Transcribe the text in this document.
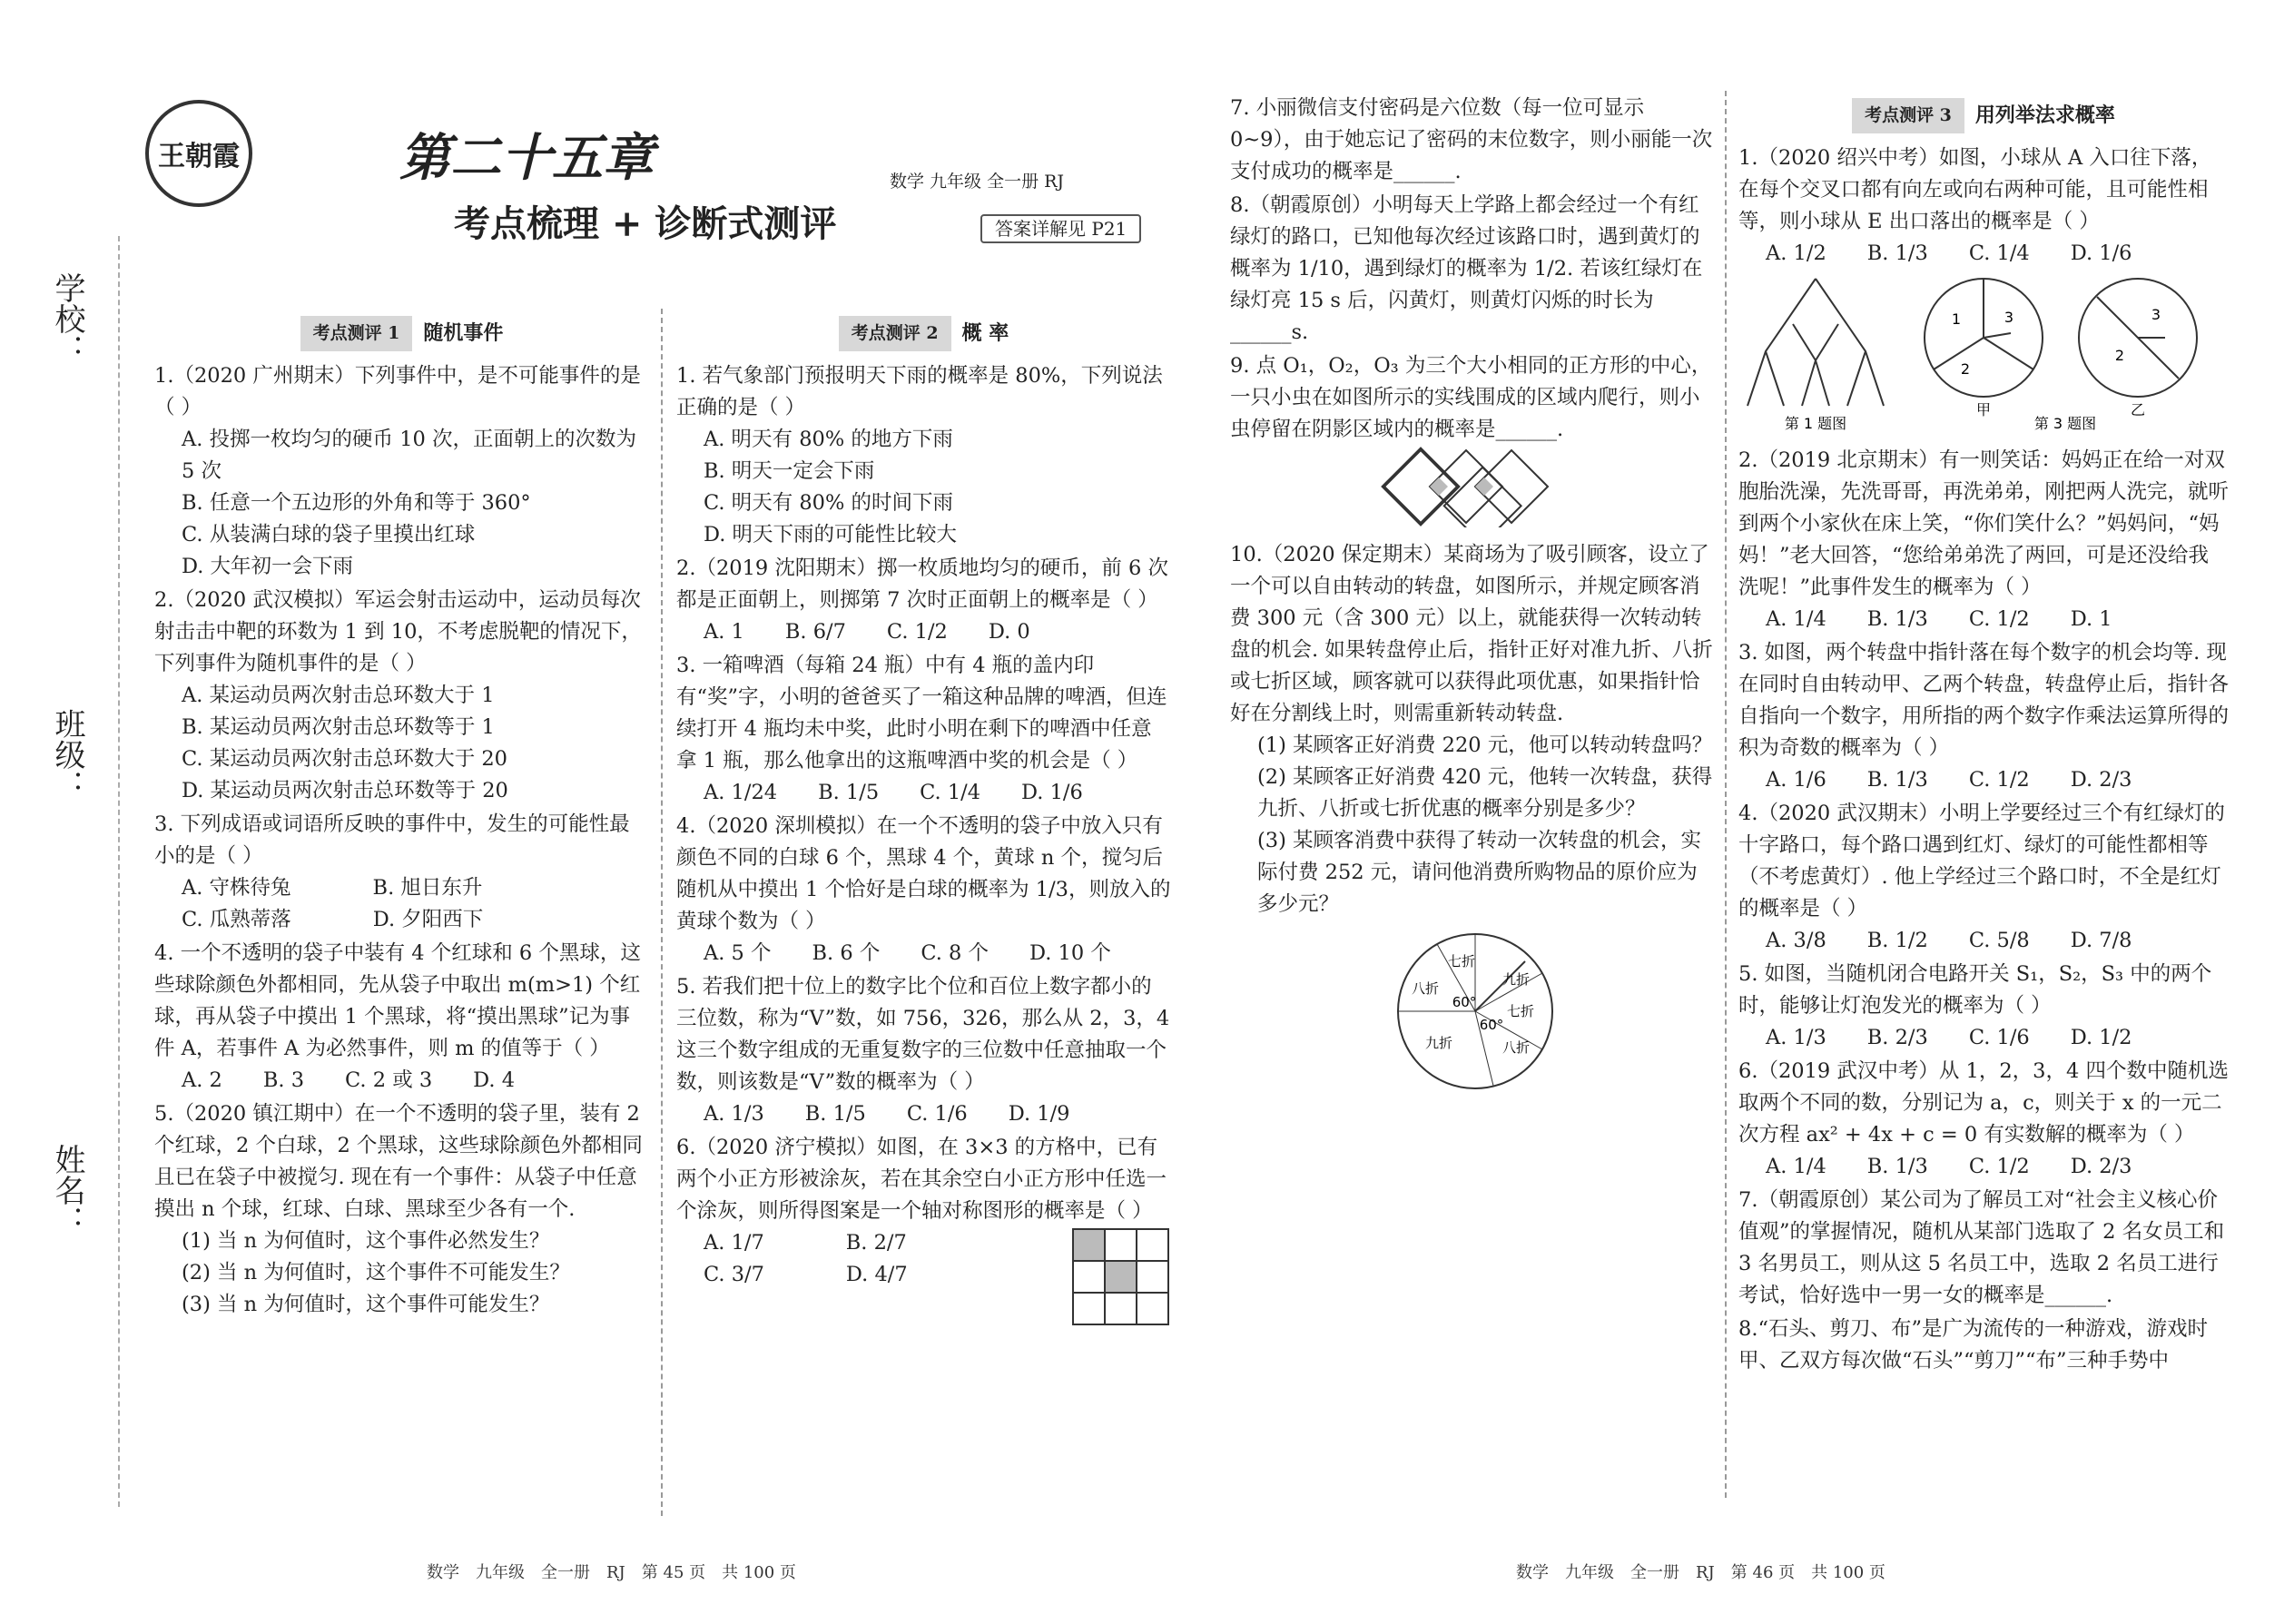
学校：
班级：
姓名：
王朝霞	第二十五章
考点梳理 + 诊断式测评
数学 九年级 全一册 RJ
答案详解见 P21
考点测评 1	随机事件
1.（2020 广州期末）下列事件中，是不可能事件的是（ ）
A. 投掷一枚均匀的硬币 10 次，正面朝上的次数为 5 次
B. 任意一个五边形的外角和等于 360°
C. 从装满白球的袋子里摸出红球
D. 大年初一会下雨
2.（2020 武汉模拟）军运会射击运动中，运动员每次射击击中靶的环数为 1 到 10，不考虑脱靶的情况下，下列事件为随机事件的是（ ）
A. 某运动员两次射击总环数大于 1
B. 某运动员两次射击总环数等于 1
C. 某运动员两次射击总环数大于 20
D. 某运动员两次射击总环数等于 20
3. 下列成语或词语所反映的事件中，发生的可能性最小的是（ ）
A. 守株待兔　　　　B. 旭日东升
C. 瓜熟蒂落　　　　D. 夕阳西下
4. 一个不透明的袋子中装有 4 个红球和 6 个黑球，这些球除颜色外都相同，先从袋子中取出 m(m>1) 个红球，再从袋子中摸出 1 个黑球，将“摸出黑球”记为事件 A，若事件 A 为必然事件，则 m 的值等于（ ）
A. 2　　B. 3　　C. 2 或 3　　D. 4
5.（2020 镇江期中）在一个不透明的袋子里，装有 2 个红球，2 个白球，2 个黑球，这些球除颜色外都相同且已在袋子中被搅匀. 现在有一个事件：从袋子中任意摸出 n 个球，红球、白球、黑球至少各有一个.
(1) 当 n 为何值时，这个事件必然发生？
(2) 当 n 为何值时，这个事件不可能发生？
(3) 当 n 为何值时，这个事件可能发生？
考点测评 2	概 率
1. 若气象部门预报明天下雨的概率是 80%，下列说法正确的是（ ）
A. 明天有 80% 的地方下雨
B. 明天一定会下雨
C. 明天有 80% 的时间下雨
D. 明天下雨的可能性比较大
2.（2019 沈阳期末）掷一枚质地均匀的硬币，前 6 次都是正面朝上，则掷第 7 次时正面朝上的概率是（ ）
A. 1　　B. 6/7　　C. 1/2　　D. 0
3. 一箱啤酒（每箱 24 瓶）中有 4 瓶的盖内印有“奖”字，小明的爸爸买了一箱这种品牌的啤酒，但连续打开 4 瓶均未中奖，此时小明在剩下的啤酒中任意拿 1 瓶，那么他拿出的这瓶啤酒中奖的机会是（ ）
A. 1/24　　B. 1/5　　C. 1/4　　D. 1/6
4.（2020 深圳模拟）在一个不透明的袋子中放入只有颜色不同的白球 6 个，黑球 4 个，黄球 n 个，搅匀后随机从中摸出 1 个恰好是白球的概率为 1/3，则放入的黄球个数为（ ）
A. 5 个　　B. 6 个　　C. 8 个　　D. 10 个
5. 若我们把十位上的数字比个位和百位上数字都小的三位数，称为“V”数，如 756，326，那么从 2，3，4 这三个数字组成的无重复数字的三位数中任意抽取一个数，则该数是“V”数的概率为（ ）
A. 1/3　　B. 1/5　　C. 1/6　　D. 1/9
6.（2020 济宁模拟）如图，在 3×3 的方格中，已有两个小正方形被涂灰，若在其余空白小正方形中任选一个涂灰，则所得图案是一个轴对称图形的概率是（ ）
A. 1/7　　　　B. 2/7
C. 3/7　　　　D. 4/7
7. 小丽微信支付密码是六位数（每一位可显示 0~9），由于她忘记了密码的末位数字，则小丽能一次支付成功的概率是______.
8.（朝霞原创）小明每天上学路上都会经过一个有红绿灯的路口，已知他每次经过该路口时，遇到黄灯的概率为 1/10，遇到绿灯的概率为 1/2. 若该红绿灯在绿灯亮 15 s 后，闪黄灯，则黄灯闪烁的时长为______s.
9. 点 O₁，O₂，O₃ 为三个大小相同的正方形的中心，一只小虫在如图所示的实线围成的区域内爬行，则小虫停留在阴影区域内的概率是______.
10.（2020 保定期末）某商场为了吸引顾客，设立了一个可以自由转动的转盘，如图所示，并规定顾客消费 300 元（含 300 元）以上，就能获得一次转动转盘的机会. 如果转盘停止后，指针正好对准九折、八折或七折区域，顾客就可以获得此项优惠，如果指针恰好在分割线上时，则需重新转动转盘.
(1) 某顾客正好消费 220 元，他可以转动转盘吗？
(2) 某顾客正好消费 420 元，他转一次转盘，获得九折、八折或七折优惠的概率分别是多少？
(3) 某顾客消费中获得了转动一次转盘的机会，实际付费 252 元，请问他消费所购物品的原价应为多少元？
七折
九折
八折
九折
七折
八折
60°
60°
考点测评 3	用列举法求概率
1.（2020 绍兴中考）如图，小球从 A 入口往下落，在每个交叉口都有向左或向右两种可能，且可能性相等，则小球从 E 出口落出的概率是（ ）
A. 1/2　　B. 1/3　　C. 1/4　　D. 1/6
第 1 题图
1
2
3
甲
3
2
第 3 题图
乙
2.（2019 北京期末）有一则笑话：妈妈正在给一对双胞胎洗澡，先洗哥哥，再洗弟弟，刚把两人洗完，就听到两个小家伙在床上笑，“你们笑什么？”妈妈问，“妈妈！”老大回答，“您给弟弟洗了两回，可是还没给我洗呢！”此事件发生的概率为（ ）
A. 1/4　　B. 1/3　　C. 1/2　　D. 1
3. 如图，两个转盘中指针落在每个数字的机会均等. 现在同时自由转动甲、乙两个转盘，转盘停止后，指针各自指向一个数字，用所指的两个数字作乘法运算所得的积为奇数的概率为（ ）
A. 1/6　　B. 1/3　　C. 1/2　　D. 2/3
4.（2020 武汉期末）小明上学要经过三个有红绿灯的十字路口，每个路口遇到红灯、绿灯的可能性都相等（不考虑黄灯）. 他上学经过三个路口时，不全是红灯的概率是（ ）
A. 3/8　　B. 1/2　　C. 5/8　　D. 7/8
5. 如图，当随机闭合电路开关 S₁，S₂，S₃ 中的两个时，能够让灯泡发光的概率为（ ）
A. 1/3　　B. 2/3　　C. 1/6　　D. 1/2
6.（2019 武汉中考）从 1，2，3，4 四个数中随机选取两个不同的数，分别记为 a，c，则关于 x 的一元二次方程 ax² + 4x + c = 0 有实数解的概率为（ ）
A. 1/4　　B. 1/3　　C. 1/2　　D. 2/3
7.（朝霞原创）某公司为了解员工对“社会主义核心价值观”的掌握情况，随机从某部门选取了 2 名女员工和 3 名男员工，则从这 5 名员工中，选取 2 名员工进行考试，恰好选中一男一女的概率是______.
8.“石头、剪刀、布”是广为流传的一种游戏，游戏时甲、乙双方每次做“石头”“剪刀”“布”三种手势中
数学　九年级　全一册　RJ　第 45 页　共 100 页	数学　九年级　全一册　RJ　第 46 页　共 100 页
